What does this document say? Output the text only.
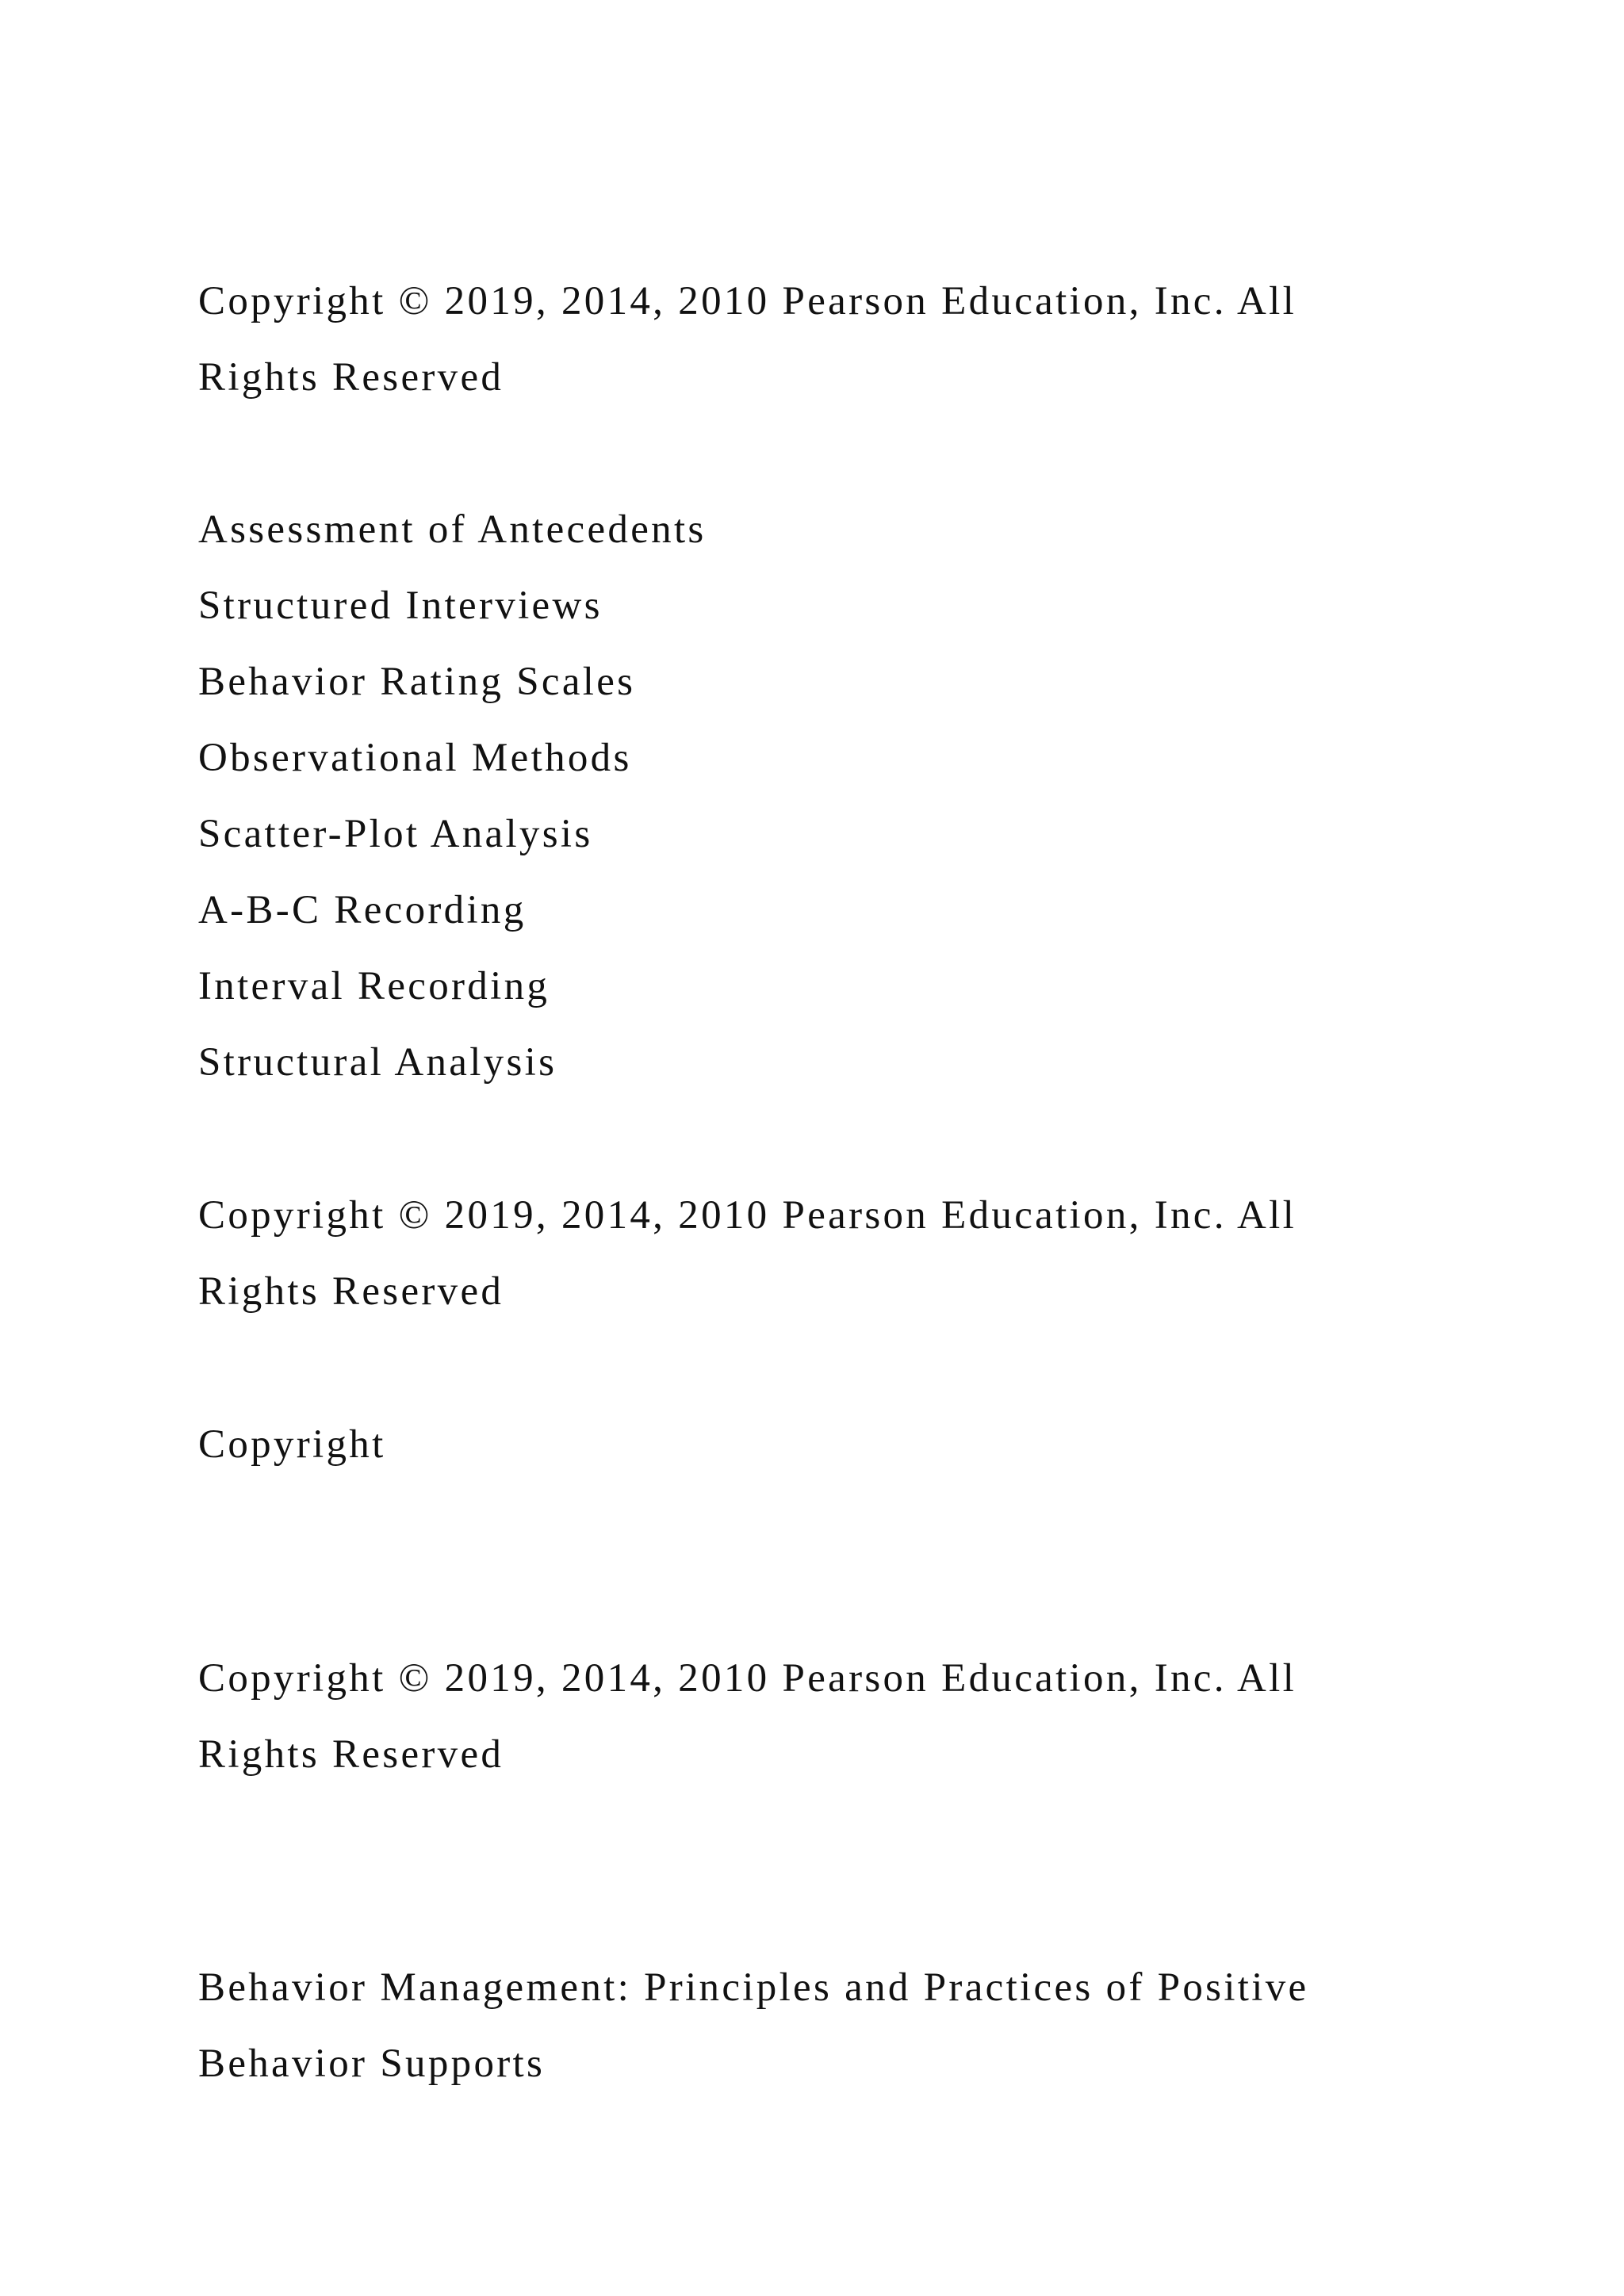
Copyright © 2019, 2014, 2010 Pearson Education, Inc. All

Rights Reserved

Assessment of Antecedents

Structured Interviews

Behavior Rating Scales

Observational Methods

Scatter-Plot Analysis

A-B-C Recording

Interval Recording

Structural Analysis

Copyright © 2019, 2014, 2010 Pearson Education, Inc. All

Rights Reserved

Copyright

Copyright © 2019, 2014, 2010 Pearson Education, Inc. All

Rights Reserved

Behavior Management: Principles and Practices of Positive

Behavior Supports
